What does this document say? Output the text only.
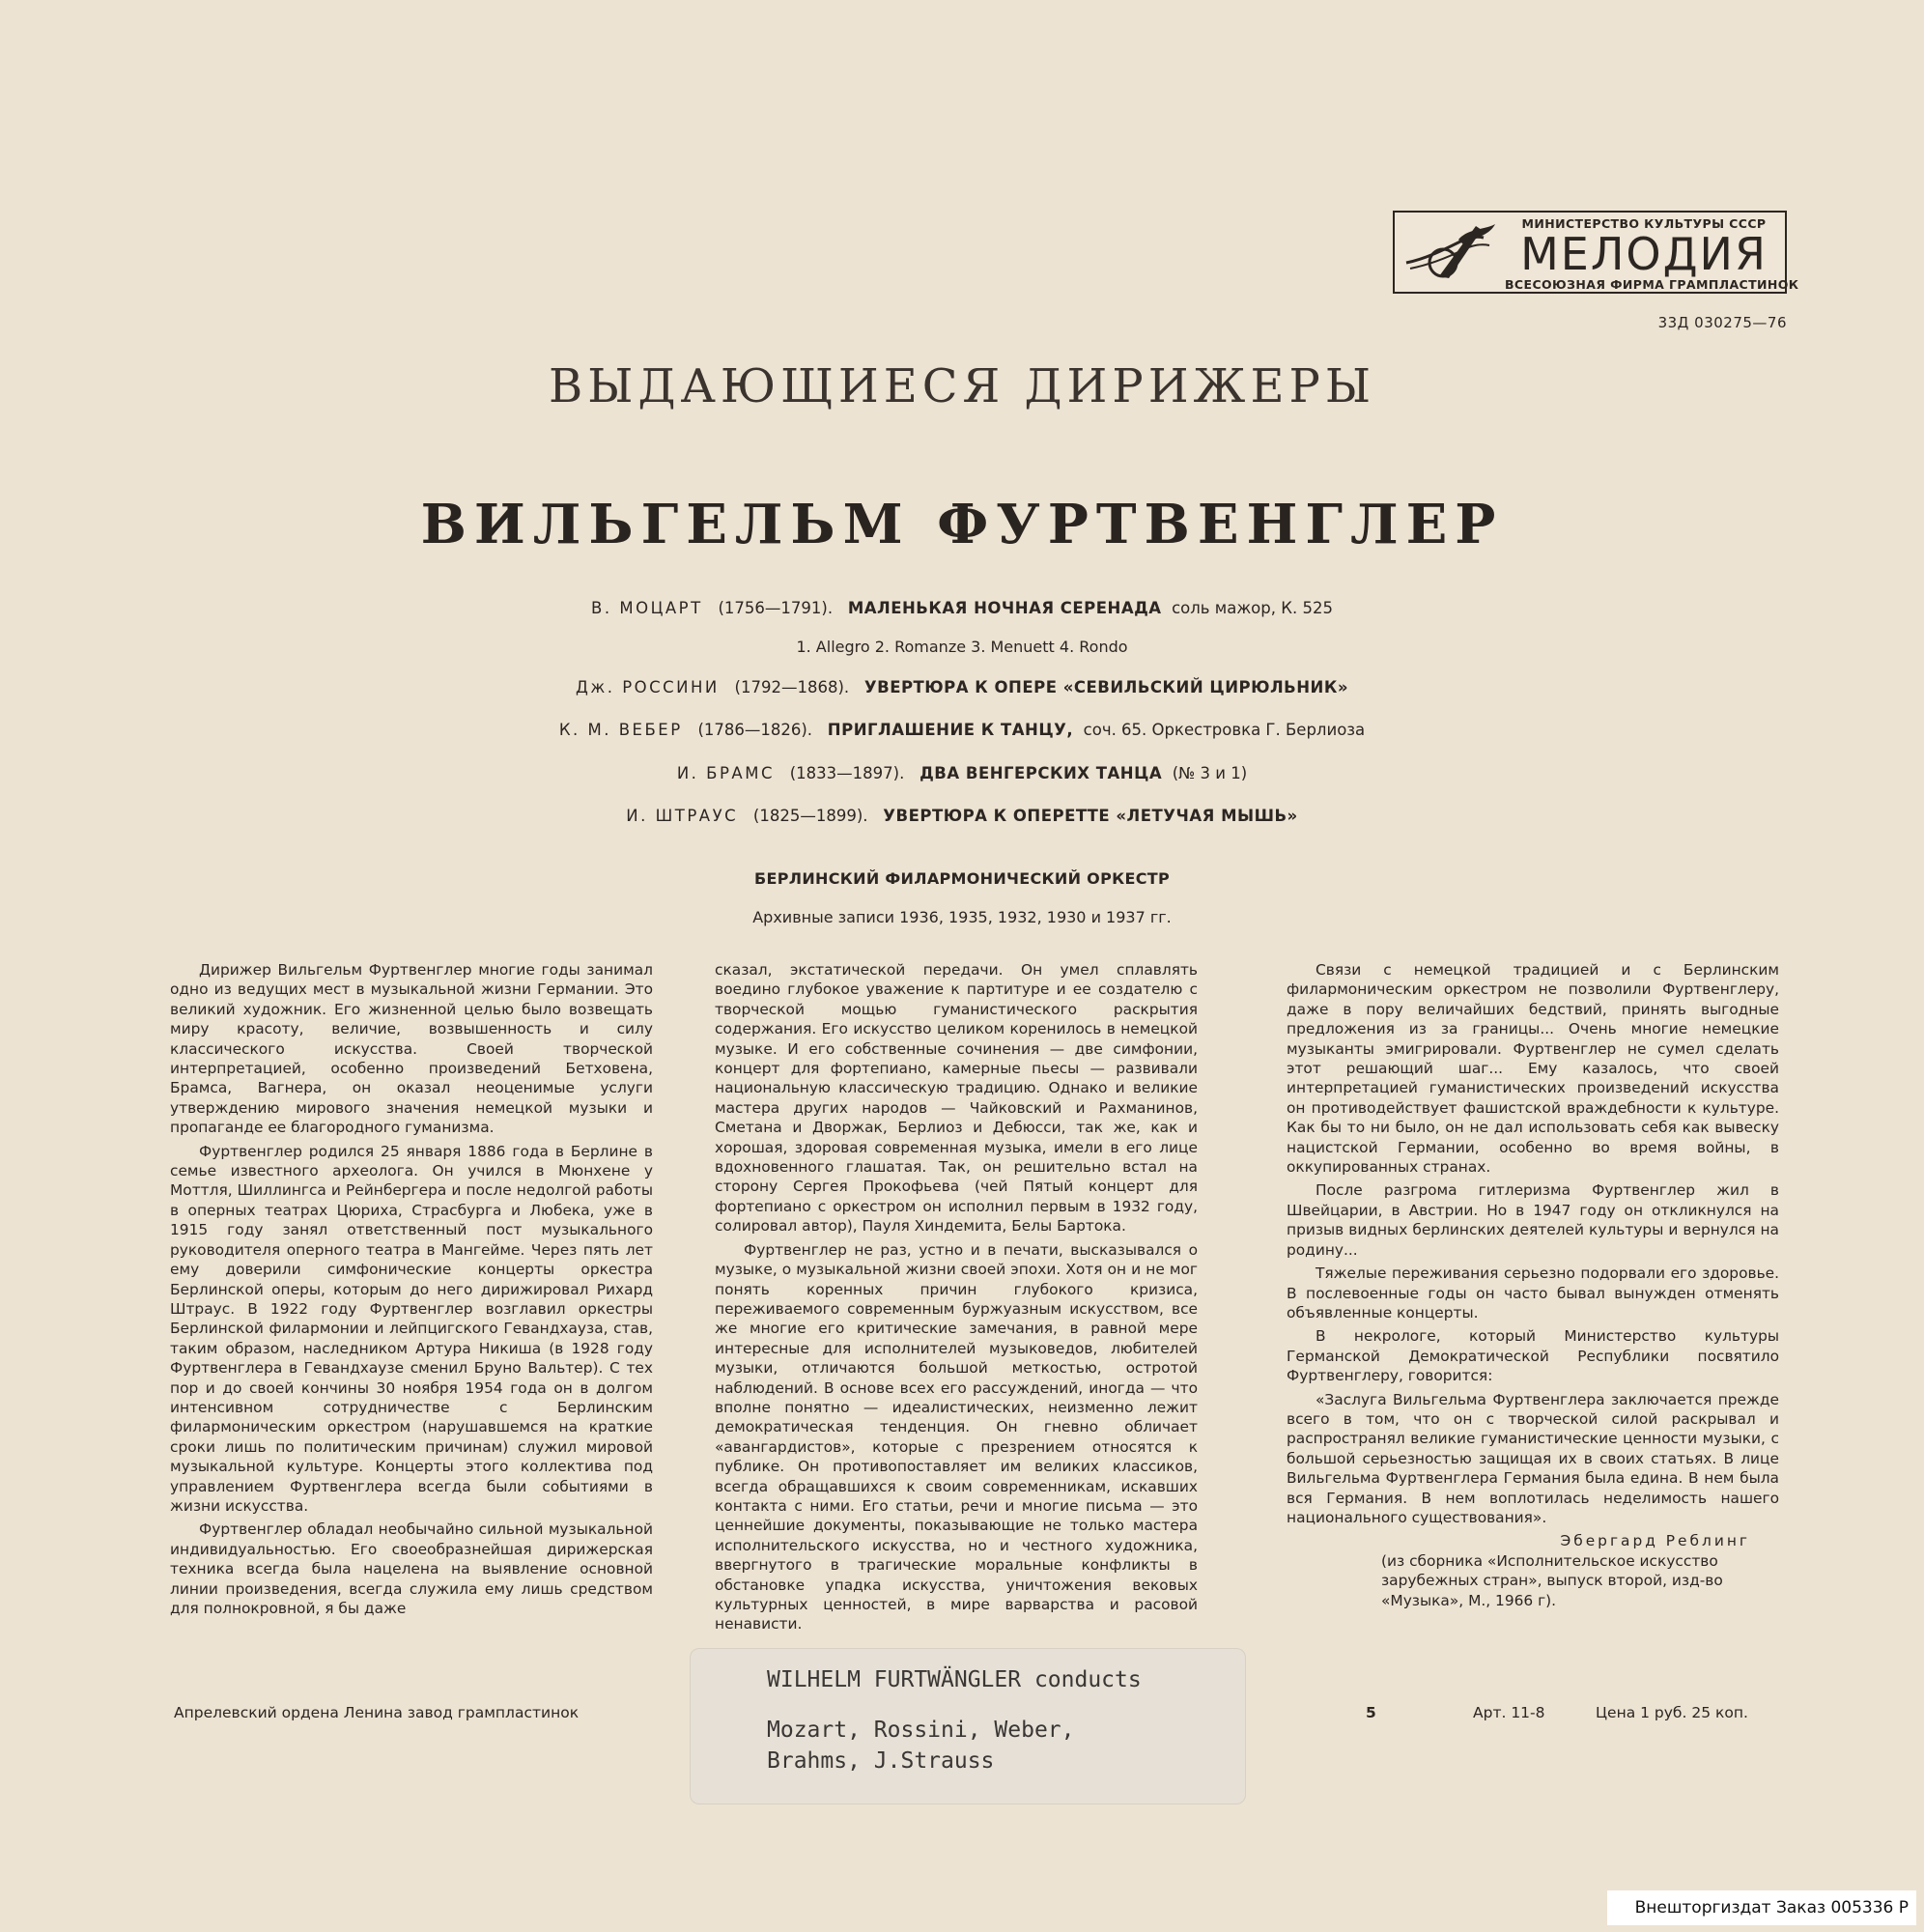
МИНИСТЕРСТВО КУЛЬТУРЫ СССР
МЕЛОДИЯ
ВСЕСОЮЗНАЯ ФИРМА ГРАМПЛАСТИНОК
33Д 030275—76
ВЫДАЮЩИЕСЯ ДИРИЖЕРЫ
ВИЛЬГЕЛЬМ ФУРТВЕНГЛЕР
В. МОЦАРТ (1756—1791). МАЛЕНЬКАЯ НОЧНАЯ СЕРЕНАДА соль мажор, К. 525
1. Allegro 2. Romanze 3. Menuett 4. Rondo
Дж. РОССИНИ (1792—1868). УВЕРТЮРА К ОПЕРЕ «СЕВИЛЬСКИЙ ЦИРЮЛЬНИК»
К. М. ВЕБЕР (1786—1826). ПРИГЛАШЕНИЕ К ТАНЦУ, соч. 65. Оркестровка Г. Берлиоза
И. БРАМС (1833—1897). ДВА ВЕНГЕРСКИХ ТАНЦА (№ 3 и 1)
И. ШТРАУС (1825—1899). УВЕРТЮРА К ОПЕРЕТТЕ «ЛЕТУЧАЯ МЫШЬ»
БЕРЛИНСКИЙ ФИЛАРМОНИЧЕСКИЙ ОРКЕСТР
Архивные записи 1936, 1935, 1932, 1930 и 1937 гг.

Дирижер Вильгельм Фуртвенглер многие годы занимал одно из ведущих мест в музыкальной жизни Германии. Это великий художник. Его жизненной целью было возвещать миру красоту, величие, возвышенность и силу классического искусства. Своей творческой интерпретацией, особенно произведений Бетховена, Брамса, Вагнера, он оказал неоценимые услуги утверждению мирового значения немецкой музыки и пропаганде ее благородного гуманизма.

Фуртвенглер родился 25 января 1886 года в Берлине в семье известного археолога. Он учился в Мюнхене у Моттля, Шиллингса и Рейнбергера и после недолгой работы в оперных театрах Цюриха, Страсбурга и Любека, уже в 1915 году занял ответственный пост музыкального руководителя оперного театра в Мангейме. Через пять лет ему доверили симфонические концерты оркестра Берлинской оперы, которым до него дирижировал Рихард Штраус. В 1922 году Фуртвенглер возглавил оркестры Берлинской филармонии и лейпцигского Гевандхауза, став, таким образом, наследником Артура Никиша (в 1928 году Фуртвенглера в Гевандхаузе сменил Бруно Вальтер). С тех пор и до своей кончины 30 ноября 1954 года он в долгом интенсивном сотрудничестве с Берлинским филармоническим оркестром (нарушавшемся на краткие сроки лишь по политическим причинам) служил мировой музыкальной культуре. Концерты этого коллектива под управлением Фуртвенглера всегда были событиями в жизни искусства.

Фуртвенглер обладал необычайно сильной музыкальной индивидуальностью. Его своеобразнейшая дирижерская техника всегда была нацелена на выявление основной линии произведения, всегда служила ему лишь средством для полнокровной, я бы даже

сказал, экстатической передачи. Он умел сплавлять воедино глубокое уважение к партитуре и ее создателю с творческой мощью гуманистического раскрытия содержания. Его искусство целиком коренилось в немецкой музыке. И его собственные сочинения — две симфонии, концерт для фортепиано, камерные пьесы — развивали национальную классическую традицию. Однако и великие мастера других народов — Чайковский и Рахманинов, Сметана и Дворжак, Берлиоз и Дебюсси, так же, как и хорошая, здоровая современная музыка, имели в его лице вдохновенного глашатая. Так, он решительно встал на сторону Сергея Прокофьева (чей Пятый концерт для фортепиано с оркестром он исполнил первым в 1932 году, солировал автор), Пауля Хиндемита, Белы Бартока.

Фуртвенглер не раз, устно и в печати, высказывался о музыке, о музыкальной жизни своей эпохи. Хотя он и не мог понять коренных причин глубокого кризиса, переживаемого современным буржуазным искусством, все же многие его критические замечания, в равной мере интересные для исполнителей музыковедов, любителей музыки, отличаются большой меткостью, остротой наблюдений. В основе всех его рассуждений, иногда — что вполне понятно — идеалистических, неизменно лежит демократическая тенденция. Он гневно обличает «авангардистов», которые с презрением относятся к публике. Он противопоставляет им великих классиков, всегда обращавшихся к своим современникам, искавших контакта с ними. Его статьи, речи и многие письма — это ценнейшие документы, показывающие не только мастера исполнительского искусства, но и честного художника, ввергнутого в трагические моральные конфликты в обстановке упадка искусства, уничтожения вековых культурных ценностей, в мире варварства и расовой ненависти.

Связи с немецкой традицией и с Берлинским филармоническим оркестром не позволили Фуртвенглеру, даже в пору величайших бедствий, принять выгодные предложения из за границы... Очень многие немецкие музыканты эмигрировали. Фуртвенглер не сумел сделать этот решающий шаг... Ему казалось, что своей интерпретацией гуманистических произведений искусства он противодействует фашистской враждебности к культуре. Как бы то ни было, он не дал использовать себя как вывеску нацистской Германии, особенно во время войны, в оккупированных странах.

После разгрома гитлеризма Фуртвенглер жил в Швейцарии, в Австрии. Но в 1947 году он откликнулся на призыв видных берлинских деятелей культуры и вернулся на родину...

Тяжелые переживания серьезно подорвали его здоровье. В послевоенные годы он часто бывал вынужден отменять объявленные концерты.

В некрологе, который Министерство культуры Германской Демократической Республики посвятило Фуртвенглеру, говорится:

«Заслуга Вильгельма Фуртвенглера заключается прежде всего в том, что он с творческой силой раскрывал и распространял великие гуманистические ценности музыки, с большой серьезностью защищая их в своих статьях. В лице Вильгельма Фуртвенглера Германия была едина. В нем была вся Германия. В нем воплотилась неделимость нашего национального существования».

Эбергард Реблинг

(из сборника «Исполнительское искусство зарубежных стран», выпуск второй, изд-во «Музыка», М., 1966 г).

Апрелевский ордена Ленина завод грампластинок	5	Арт. 11-8	Цена 1 руб. 25 коп.
WILHELM FURTWÄNGLER conducts
Mozart, Rossini, Weber,
Brahms, J.Strauss
Внешторгиздат Заказ 005336 Р
